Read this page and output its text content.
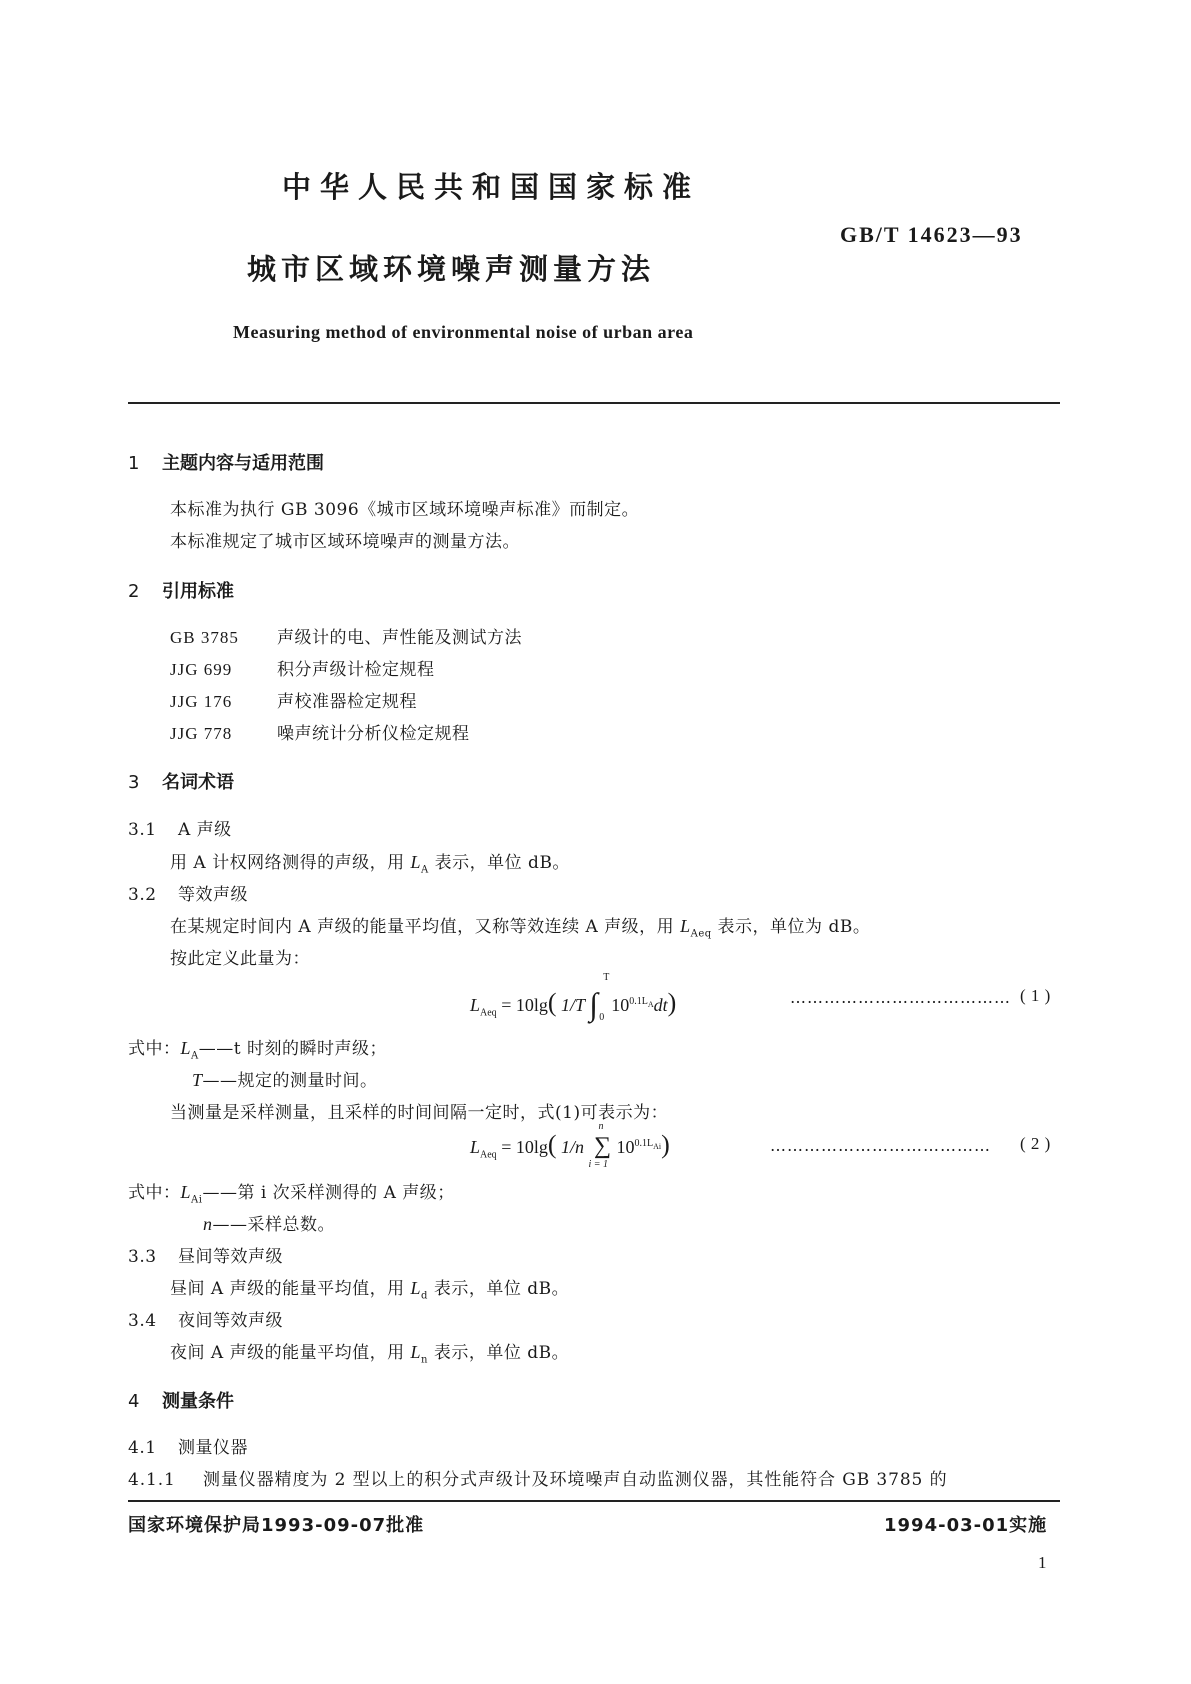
中华人民共和国国家标准
GB/T 14623—93
城市区域环境噪声测量方法
Measuring method of environmental noise of urban area
1 主题内容与适用范围
本标准为执行 GB 3096《城市区域环境噪声标准》而制定。
本标准规定了城市区域环境噪声的测量方法。
2 引用标准
GB 3785 声级计的电、声性能及测试方法
JJG 699	积分声级计检定规程
JJG 176	声校准器检定规程
JJG 778	噪声统计分析仪检定规程
3 名词术语
3.1 A 声级
用 A 计权网络测得的声级，用 $L_A$ 表示，单位 dB。
3.2 等效声级
在某规定时间内 A 声级的能量平均值，又称等效连续 A 声级，用 $L_{Aeq}$ 表示，单位为 dB。
按此定义此量为：
$L_{Aeq} = 10\lg$( 1/T ∫
T
0
$10^{0.1L_A}dt$)	………………………………… ( 1 )
式中：$L_A——t$ 时刻的瞬时声级；
T——规定的测量时间。
当测量是采样测量，且采样的时间间隔一定时，式(1)可表示为：
$L_{Aeq} = 10\lg$( 1/n ∑
n
i = 1
$10^{0.1L_{Ai}}$)	………………………………… ( 2 )
式中：$L_{Ai}——$第 i 次采样测得的 A 声级；
n——采样总数。
3.3 昼间等效声级
昼间 A 声级的能量平均值，用 $L_d$ 表示，单位 dB。
3.4 夜间等效声级
夜间 A 声级的能量平均值，用 $L_n$ 表示，单位 dB。
4 测量条件
4.1 测量仪器
4.1.1 测量仪器精度为 2 型以上的积分式声级计及环境噪声自动监测仪器，其性能符合 GB 3785 的
国家环境保护局1993-09-07批准	1994-03-01实施
1
